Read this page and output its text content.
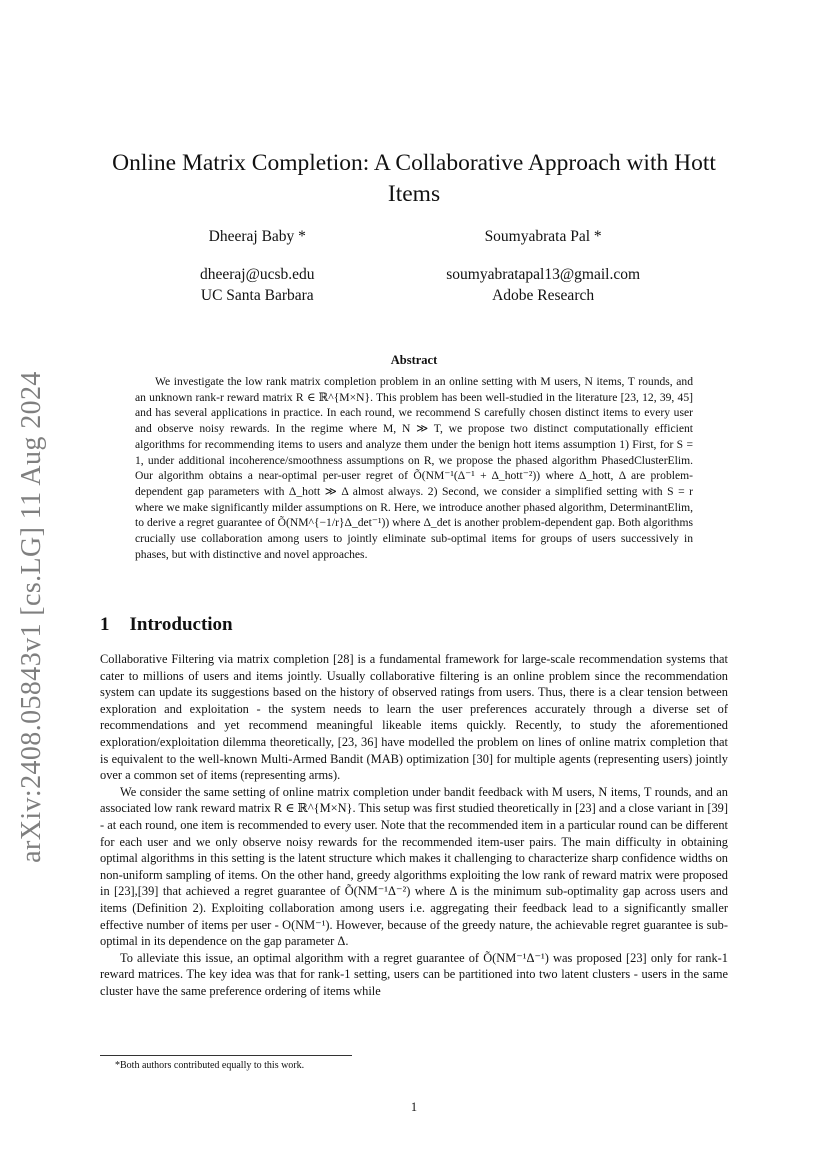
arXiv:2408.05843v1 [cs.LG] 11 Aug 2024
Online Matrix Completion: A Collaborative Approach with Hott Items
Dheeraj Baby *
dheeraj@ucsb.edu
UC Santa Barbara
Soumyabrata Pal *
soumyabratapal13@gmail.com
Adobe Research
Abstract

We investigate the low rank matrix completion problem in an online setting with M users, N items, T rounds, and an unknown rank-r reward matrix R ∈ ℝ^{M×N}. This problem has been well-studied in the literature [23, 12, 39, 45] and has several applications in practice. In each round, we recommend S carefully chosen distinct items to every user and observe noisy rewards. In the regime where M, N ≫ T, we propose two distinct computationally efficient algorithms for recommending items to users and analyze them under the benign hott items assumption 1) First, for S = 1, under additional incoherence/smoothness assumptions on R, we propose the phased algorithm PhasedClusterElim. Our algorithm obtains a near-optimal per-user regret of Õ(NM⁻¹(Δ⁻¹ + Δ_hott⁻²)) where Δ_hott, Δ are problem-dependent gap parameters with Δ_hott ≫ Δ almost always. 2) Second, we consider a simplified setting with S = r where we make significantly milder assumptions on R. Here, we introduce another phased algorithm, DeterminantElim, to derive a regret guarantee of Õ(NM^{−1/r}Δ_det⁻¹)) where Δ_det is another problem-dependent gap. Both algorithms crucially use collaboration among users to jointly eliminate sub-optimal items for groups of users successively in phases, but with distinctive and novel approaches.

1 Introduction

Collaborative Filtering via matrix completion [28] is a fundamental framework for large-scale recommendation systems that cater to millions of users and items jointly. Usually collaborative filtering is an online problem since the recommendation system can update its suggestions based on the history of observed ratings from users. Thus, there is a clear tension between exploration and exploitation - the system needs to learn the user preferences accurately through a diverse set of recommendations and yet recommend meaningful likeable items quickly. Recently, to study the aforementioned exploration/exploitation dilemma theoretically, [23, 36] have modelled the problem on lines of online matrix completion that is equivalent to the well-known Multi-Armed Bandit (MAB) optimization [30] for multiple agents (representing users) jointly over a common set of items (representing arms).

We consider the same setting of online matrix completion under bandit feedback with M users, N items, T rounds, and an associated low rank reward matrix R ∈ ℝ^{M×N}. This setup was first studied theoretically in [23] and a close variant in [39] - at each round, one item is recommended to every user. Note that the recommended item in a particular round can be different for each user and we only observe noisy rewards for the recommended item-user pairs. The main difficulty in obtaining optimal algorithms in this setting is the latent structure which makes it challenging to characterize sharp confidence widths on non-uniform sampling of items. On the other hand, greedy algorithms exploiting the low rank of reward matrix were proposed in [23],[39] that achieved a regret guarantee of Õ(NM⁻¹Δ⁻²) where Δ is the minimum sub-optimality gap across users and items (Definition 2). Exploiting collaboration among users i.e. aggregating their feedback lead to a significantly smaller effective number of items per user - O(NM⁻¹). However, because of the greedy nature, the achievable regret guarantee is sub-optimal in its dependence on the gap parameter Δ.

To alleviate this issue, an optimal algorithm with a regret guarantee of Õ(NM⁻¹Δ⁻¹) was proposed [23] only for rank-1 reward matrices. The key idea was that for rank-1 setting, users can be partitioned into two latent clusters - users in the same cluster have the same preference ordering of items while

*Both authors contributed equally to this work.

1
